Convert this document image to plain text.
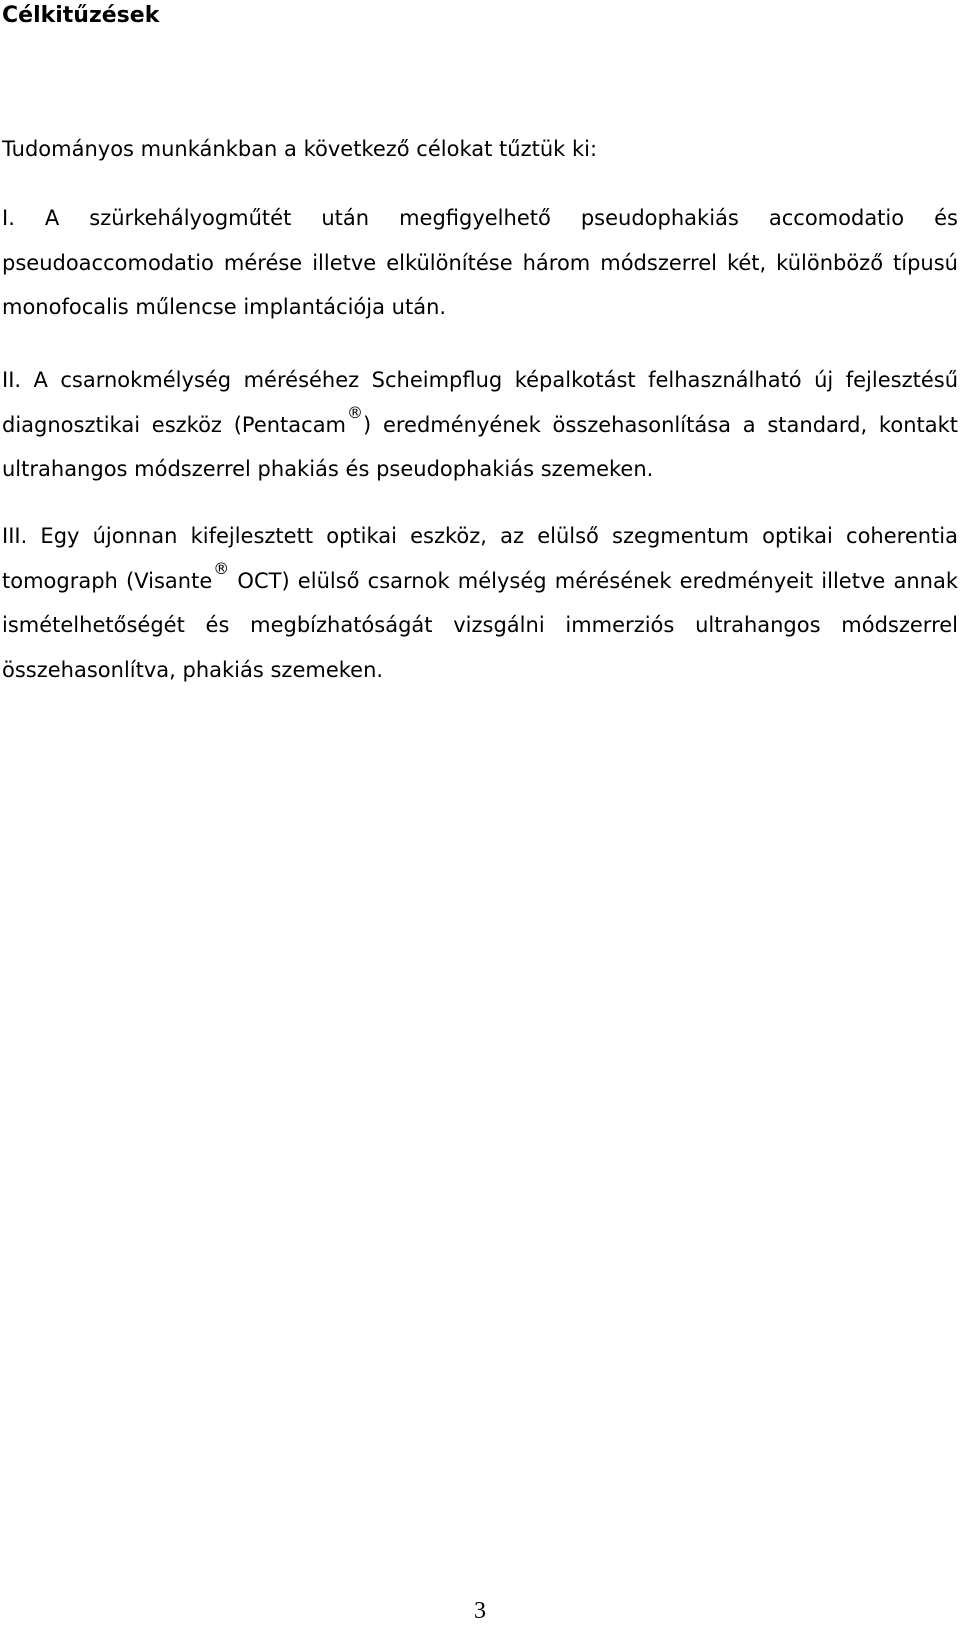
Célkitűzések

Tudományos munkánkban a következő célokat tűztük ki:

I. A szürkehályogműtét után megfigyelhető pseudophakiás accomodatio és pseudoaccomodatio mérése illetve elkülönítése három módszerrel két, különböző típusú monofocalis műlencse implantációja után.

II. A csarnokmélység méréséhez Scheimpflug képalkotást felhasználható új fejlesztésű diagnosztikai eszköz (Pentacam®) eredményének összehasonlítása a standard, kontakt ultrahangos módszerrel phakiás és pseudophakiás szemeken.

III. Egy újonnan kifejlesztett optikai eszköz, az elülső szegmentum optikai coherentia tomograph (Visante® OCT) elülső csarnok mélység mérésének eredményeit illetve annak ismételhetőségét és megbízhatóságát vizsgálni immerziós ultrahangos módszerrel összehasonlítva, phakiás szemeken.

3
